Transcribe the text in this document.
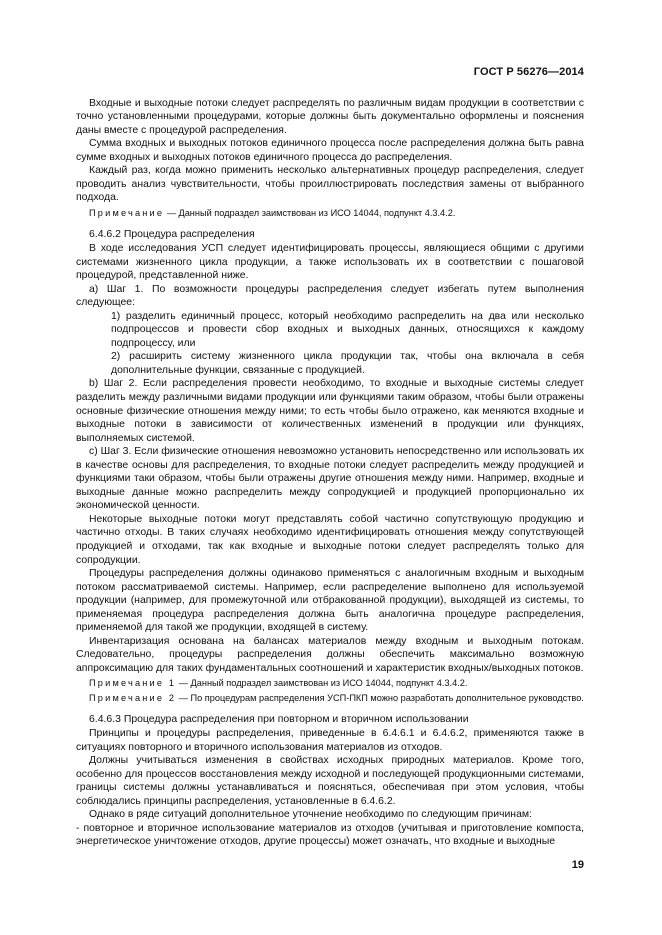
ГОСТ Р 56276—2014

Входные и выходные потоки следует распределять по различным видам продукции в соответствии с точно установленными процедурами, которые должны быть документально оформлены и пояснения даны вместе с процедурой распределения.

Сумма входных и выходных потоков единичного процесса после распределения должна быть равна сумме входных и выходных потоков единичного процесса до распределения.

Каждый раз, когда можно применить несколько альтернативных процедур распределения, следует проводить анализ чувствительности, чтобы проиллюстрировать последствия замены от выбранного подхода.

Примечание — Данный подраздел заимствован из ИСО 14044, подпункт 4.3.4.2.

6.4.6.2 Процедура распределения

В ходе исследования УСП следует идентифицировать процессы, являющиеся общими с другими системами жизненного цикла продукции, а также использовать их в соответствии с пошаговой процедурой, представленной ниже.

а) Шаг 1. По возможности процедуры распределения следует избегать путем выполнения следующее:

1) разделить единичный процесс, который необходимо распределить на два или несколько подпроцессов и провести сбор входных и выходных данных, относящихся к каждому подпроцессу, или

2) расширить систему жизненного цикла продукции так, чтобы она включала в себя дополнительные функции, связанные с продукцией.

b) Шаг 2. Если распределения провести необходимо, то входные и выходные системы следует разделить между различными видами продукции или функциями таким образом, чтобы были отражены основные физические отношения между ними; то есть чтобы было отражено, как меняются входные и выходные потоки в зависимости от количественных изменений в продукции или функциях, выполняемых системой.

c) Шаг 3. Если физические отношения невозможно установить непосредственно или использовать их в качестве основы для распределения, то входные потоки следует распределить между продукцией и функциями таки образом, чтобы были отражены другие отношения между ними. Например, входные и выходные данные можно распределить между сопродукцией и продукцией пропорционально их экономической ценности.

Некоторые выходные потоки могут представлять собой частично сопутствующую продукцию и частично отходы. В таких случаях необходимо идентифицировать отношения между сопутствующей продукцией и отходами, так как входные и выходные потоки следует распределять только для сопродукции.

Процедуры распределения должны одинаково применяться с аналогичным входным и выходным потоком рассматриваемой системы. Например, если распределение выполнено для используемой продукции (например, для промежуточной или отбракованной продукции), выходящей из системы, то применяемая процедура распределения должна быть аналогична процедуре распределения, применяемой для такой же продукции, входящей в систему.

Инвентаризация основана на балансах материалов между входным и выходным потокам. Следовательно, процедуры распределения должны обеспечить максимально возможную аппроксимацию для таких фундаментальных соотношений и характеристик входных/выходных потоков.

Примечание 1 — Данный подраздел заимствован из ИСО 14044, подпункт 4.3.4.2.

Примечание 2 — По процедурам распределения УСП-ПКП можно разработать дополнительное руководство.

6.4.6.3 Процедура распределения при повторном и вторичном использовании

Принципы и процедуры распределения, приведенные в 6.4.6.1 и 6.4.6.2, применяются также в ситуациях повторного и вторичного использования материалов из отходов.

Должны учитываться изменения в свойствах исходных природных материалов. Кроме того, особенно для процессов восстановления между исходной и последующей продукционными системами, границы системы должны устанавливаться и поясняться, обеспечивая при этом условия, чтобы соблюдались принципы распределения, установленные в 6.4.6.2.

Однако в ряде ситуаций дополнительное уточнение необходимо по следующим причинам:

- повторное и вторичное использование материалов из отходов (учитывая и приготовление компоста, энергетическое уничтожение отходов, другие процессы) может означать, что входные и выходные

19
